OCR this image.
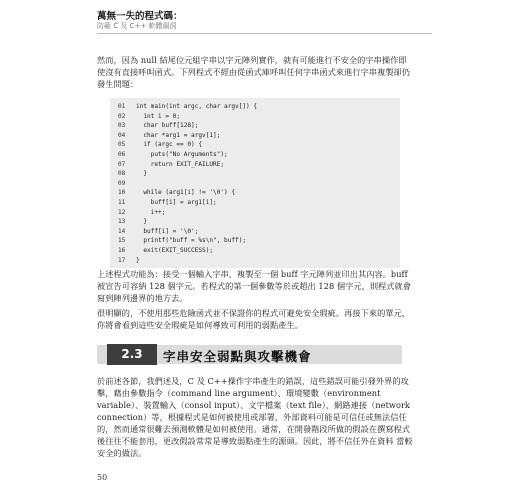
萬無一失的程式碼：
防範 C 及 C++ 軟體漏洞
然而，因為 null 結尾位元組字串以字元陣列實作，就有可能進行不安全的字串操作即使沒有直接呼叫函式。下列程式不經由從函式庫呼叫任何字串函式來進行字串複製卻仍發生問題：
01 int main(int argc, char argv[]) {
02  int i = 0;
03  char buff[128];
04  char *arg1 = argv[1];
05  if (argc == 0) {
06    puts("No Arguments");
07    return EXIT_FAILURE;
08  }
09
10  while (arg1[i] != '\0') {
11    buff[i] = arg1[i];
12    i++;
13  }
14  buff[i] = '\0';
15  printf("buff = %s\n", buff);
16  exit(EXIT_SUCCESS);
17 }
上述程式功能為：接受一個輸入字串，複製至一個 buff 字元陣列並印出其內容。buff 被宣告可容納 128 個字元。若程式的第一個參數等於或超出 128 個字元，則程式就會寫到陣列邊界的地方去。
很明顯的，不使用那些危險函式並不保證你的程式可避免安全瑕疵。再接下來的單元，你將會看到這些安全瑕疵是如何導致可利用的弱點產生。
2.3	字串安全弱點與攻擊機會
於前述各節，我們述及，C 及 C++操作字串產生的錯誤，這些錯誤可能引發外界的攻擊，藉由參數指令（command line argument）、環境變數（environment variable）、裝置輸入（consol input）、文字檔案（text file）、網路連接（network connection）等，根據程式是如何被使用或部署，外部資料可能是可信任或無法信任的，然而通常很難去預測軟體是如何被使用。通常，在開發階段所做的假設在撰寫程式後往往不能套用，更改假設常常是導致弱點產生的源頭。因此，將不信任外在資料 當較安全的做法。
50
